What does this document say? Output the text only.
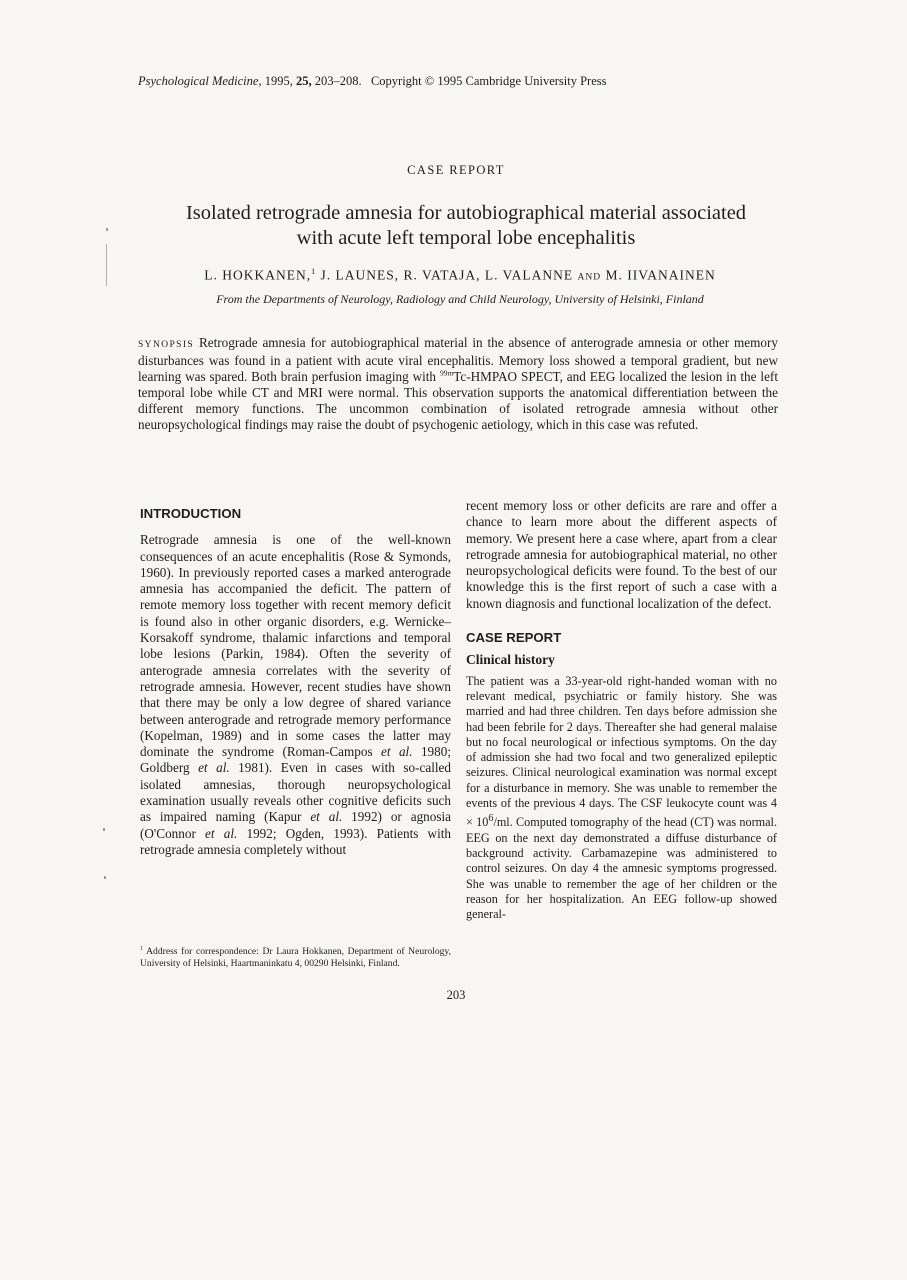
Psychological Medicine, 1995, 25, 203–208. Copyright © 1995 Cambridge University Press
CASE REPORT
Isolated retrograde amnesia for autobiographical material associated
with acute left temporal lobe encephalitis
L. HOKKANEN,$^1$ J. LAUNES, R. VATAJA, L. VALANNE AND M. IIVANAINEN
From the Departments of Neurology, Radiology and Child Neurology, University of Helsinki, Finland
SYNOPSIS Retrograde amnesia for autobiographical material in the absence of anterograde amnesia or other memory disturbances was found in a patient with acute viral encephalitis. Memory loss showed a temporal gradient, but new learning was spared. Both brain perfusion imaging with $^{99m}$Tc-HMPAO SPECT, and EEG localized the lesion in the left temporal lobe while CT and MRI were normal. This observation supports the anatomical differentiation between the different memory functions. The uncommon combination of isolated retrograde amnesia without other neuropsychological findings may raise the doubt of psychogenic aetiology, which in this case was refuted.
INTRODUCTION

Retrograde amnesia is one of the well-known consequences of an acute encephalitis (Rose & Symonds, 1960). In previously reported cases a marked anterograde amnesia has accompanied the deficit. The pattern of remote memory loss together with recent memory deficit is found also in other organic disorders, e.g. Wernicke–Korsakoff syndrome, thalamic infarctions and temporal lobe lesions (Parkin, 1984). Often the severity of anterograde amnesia correlates with the severity of retrograde amnesia. However, recent studies have shown that there may be only a low degree of shared variance between anterograde and retrograde memory performance (Kopelman, 1989) and in some cases the latter may dominate the syndrome (Roman-Campos et al. 1980; Goldberg et al. 1981). Even in cases with so-called isolated amnesias, thorough neuropsychological examination usually reveals other cognitive deficits such as impaired naming (Kapur et al. 1992) or agnosia (O'Connor et al. 1992; Ogden, 1993). Patients with retrograde amnesia completely without

recent memory loss or other deficits are rare and offer a chance to learn more about the different aspects of memory. We present here a case where, apart from a clear retrograde amnesia for autobiographical material, no other neuropsychological deficits were found. To the best of our knowledge this is the first report of such a case with a known diagnosis and functional localization of the defect.

CASE REPORT
Clinical history

The patient was a 33-year-old right-handed woman with no relevant medical, psychiatric or family history. She was married and had three children. Ten days before admission she had been febrile for 2 days. Thereafter she had general malaise but no focal neurological or infectious symptoms. On the day of admission she had two focal and two generalized epileptic seizures. Clinical neurological examination was normal except for a disturbance in memory. She was unable to remember the events of the previous 4 days. The CSF leukocyte count was $4 \times 10^6/ml$. Computed tomography of the head (CT) was normal. EEG on the next day demonstrated a diffuse disturbance of background activity. Carbamazepine was administered to control seizures. On day 4 the amnesic symptoms progressed. She was unable to remember the age of her children or the reason for her hospitalization. An EEG follow-up showed general-

$^1$ Address for correspondence: Dr Laura Hokkanen, Department of Neurology, University of Helsinki, Haartmaninkatu 4, 00290 Helsinki, Finland.
203
